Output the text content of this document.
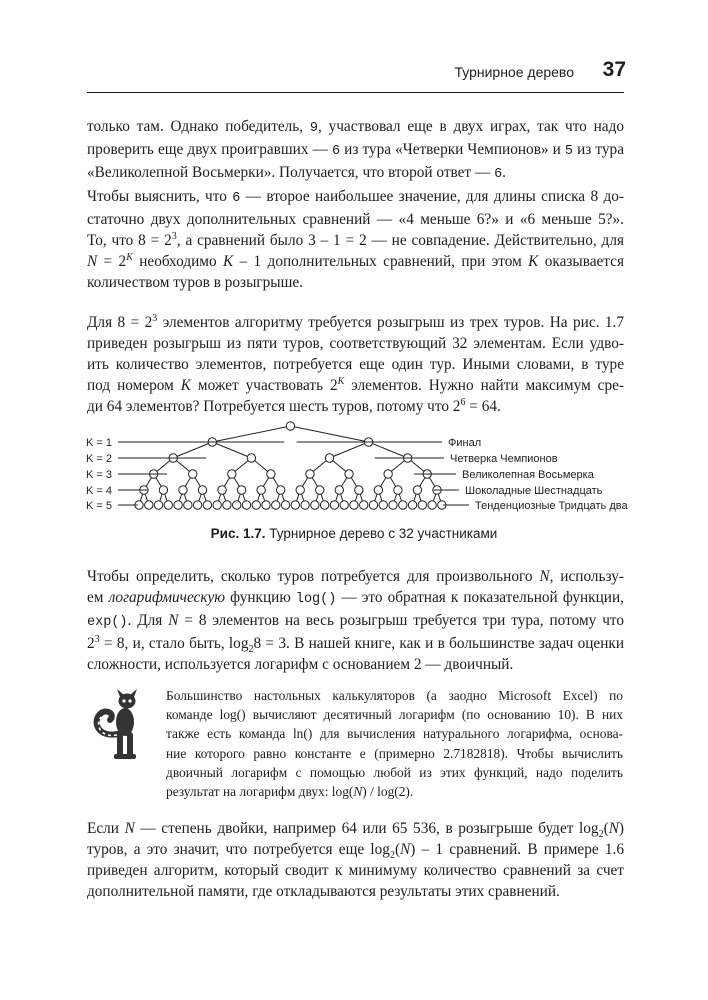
Турнирное дерево 37

только там. Однако победитель, 9, участвовал еще в двух играх, так что надо
проверить еще двух проигравших — 6 из тура «Четверки Чемпионов» и 5 из тура
«Великолепной Восьмерки». Получается, что второй ответ — 6.

Чтобы выяснить, что 6 — второе наибольшее значение, для длины списка 8 до-
статочно двух дополнительных сравнений — «4 меньше 6?» и «6 меньше 5?».
То, что $8 = 2^3$, а сравнений было 3 – 1 = 2 — не совпадение. Действительно, для
$N = 2^K$ необходимо K – 1 дополнительных сравнений, при этом K оказывается
количеством туров в розыгрыше.

Для $8 = 2^3$ элементов алгоритму требуется розыгрыш из трех туров. На рис. 1.7
приведен розыгрыш из пяти туров, соответствующий 32 элементам. Если удво-
ить количество элементов, потребуется еще один тур. Иными словами, в туре
под номером K может участвовать $2^K$ элементов. Нужно найти максимум сре-
ди 64 элементов? Потребуется шесть туров, потому что $2^6 = 64$.

K = 1
K = 2
K = 3
K = 4
K = 5
Финал
Четверка Чемпионов
Великолепная Восьмерка
Шоколадные Шестнадцать
Тенденциозные Тридцать два
Рис. 1.7. Турнирное дерево с 32 участниками

Чтобы определить, сколько туров потребуется для произвольного N, использу-
ем логарифмическую функцию log() — это обратная к показательной функции,
exp(). Для N = 8 элементов на весь розыгрыш требуется три тура, потому что
$2^3 = 8$, и, стало быть, $\log_28 = 3$. В нашей книге, как и в большинстве задач оценки
сложности, используется логарифм с основанием 2 — двоичный.

Большинство настольных калькуляторов (а заодно Microsoft Excel) по
команде log() вычисляют десятичный логарифм (по основанию 10). В них
также есть команда ln() для вычисления натурального логарифма, основа-
ние которого равно константе e (примерно 2.7182818). Чтобы вычислить
двоичный логарифм с помощью любой из этих функций, надо поделить
результат на логарифм двух: log(N) / log(2).

Если N — степень двойки, например 64 или 65 536, в розыгрыше будет $\log_2(N)$
туров, а это значит, что потребуется еще $\log_2(N) - 1$ сравнений. В примере 1.6
приведен алгоритм, который сводит к минимуму количество сравнений за счет
дополнительной памяти, где откладываются результаты этих сравнений.
